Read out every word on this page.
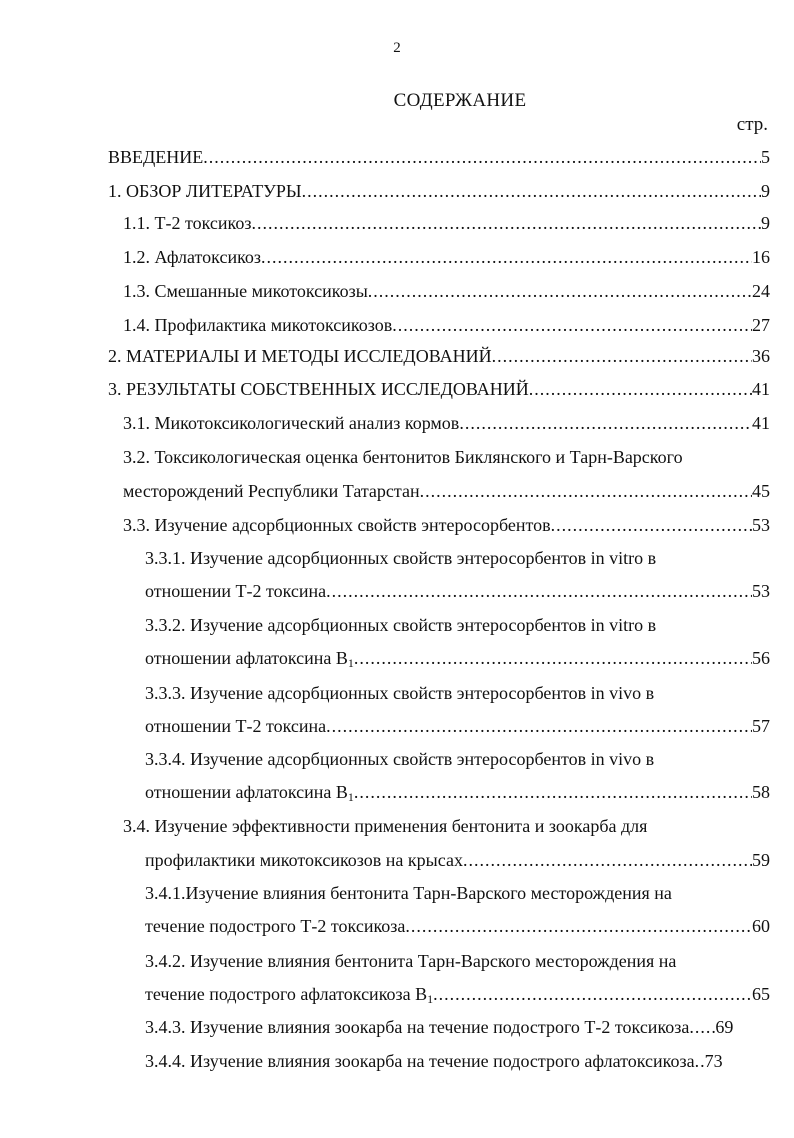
2
СОДЕРЖАНИЕ
стр.
ВВЕДЕНИЕ .....	5
1. ОБЗОР ЛИТЕРАТУРЫ .....	9
1.1. Т-2 токсикоз .....	9
1.2. Афлатоксикоз .....	16
1.3. Смешанные микотоксикозы .....	24
1.4. Профилактика микотоксикозов .....	27
2. МАТЕРИАЛЫ И МЕТОДЫ ИССЛЕДОВАНИЙ .....	36
3. РЕЗУЛЬТАТЫ СОБСТВЕННЫХ ИССЛЕДОВАНИЙ .....	41
3.1. Микотоксикологический анализ кормов .....	41
3.2. Токсикологическая оценка бентонитов Биклянского и Тарн-Варского
месторождений Республики Татарстан .....	45
3.3. Изучение адсорбционных свойств энтеросорбентов .....	53
3.3.1. Изучение адсорбционных свойств энтеросорбентов in vitro в
отношении Т-2 токсина .....	53
3.3.2. Изучение адсорбционных свойств энтеросорбентов in vitro в
отношении афлатоксина $В_1$ .....	56
3.3.3. Изучение адсорбционных свойств энтеросорбентов in vivo в
отношении Т-2 токсина .....	57
3.3.4. Изучение адсорбционных свойств энтеросорбентов in vivo в
отношении афлатоксина $В_1$ .....	58
3.4. Изучение эффективности применения бентонита и зоокарба для
профилактики микотоксикозов на крысах .....	59
3.4.1.Изучение влияния бентонита Тарн-Варского месторождения на
течение подострого Т-2 токсикоза .....	60
3.4.2. Изучение влияния бентонита Тарн-Варского месторождения на
течение подострого афлатоксикоза $В_1$ .....	65
3.4.3. Изучение влияния зоокарба на течение подострого Т-2 токсикоза ..... 69
3.4.4. Изучение влияния зоокарба на течение подострого афлатоксикоза ..... 73
